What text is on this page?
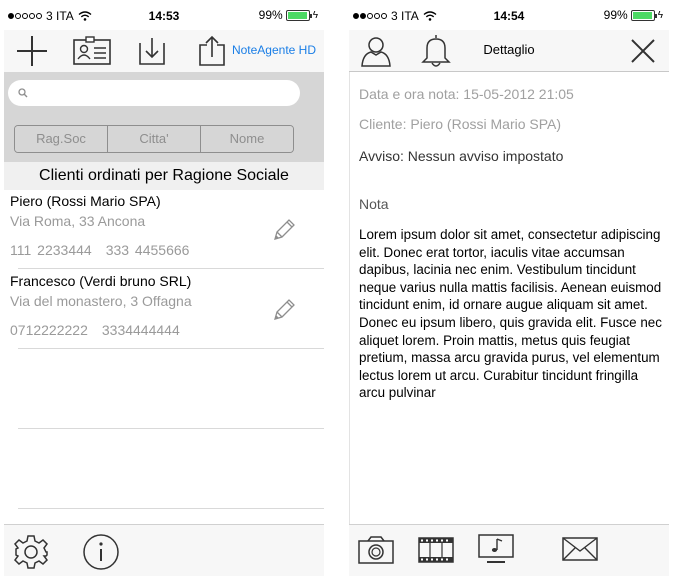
3 ITA	14:53	99%	ϟ
NoteAgente HD
Rag.Soc	Citta'	Nome
Clienti ordinati per Ragione Sociale
Piero (Rossi Mario SPA)
Via Roma, 33 Ancona
111 2233444 333 4455666
Francesco (Verdi bruno SRL)
Via del monastero, 3 Offagna
0712222222 3334444444
3 ITA	14:54	99%	ϟ
Dettaglio
Data e ora nota: 15-05-2012 21:05
Cliente: Piero (Rossi Mario SPA)
Avviso: Nessun avviso impostato
Nota
Lorem ipsum dolor sit amet, consectetur adipiscing elit. Donec erat tortor, iaculis vitae accumsan dapibus, lacinia nec enim. Vestibulum tincidunt neque varius nulla mattis facilisis. Aenean euismod tincidunt enim, id ornare augue aliquam sit amet. Donec eu ipsum libero, quis gravida elit. Fusce nec aliquet lorem. Proin mattis, metus quis feugiat pretium, massa arcu gravida purus, vel elementum lectus lorem ut arcu. Curabitur tincidunt fringilla arcu pulvinar
